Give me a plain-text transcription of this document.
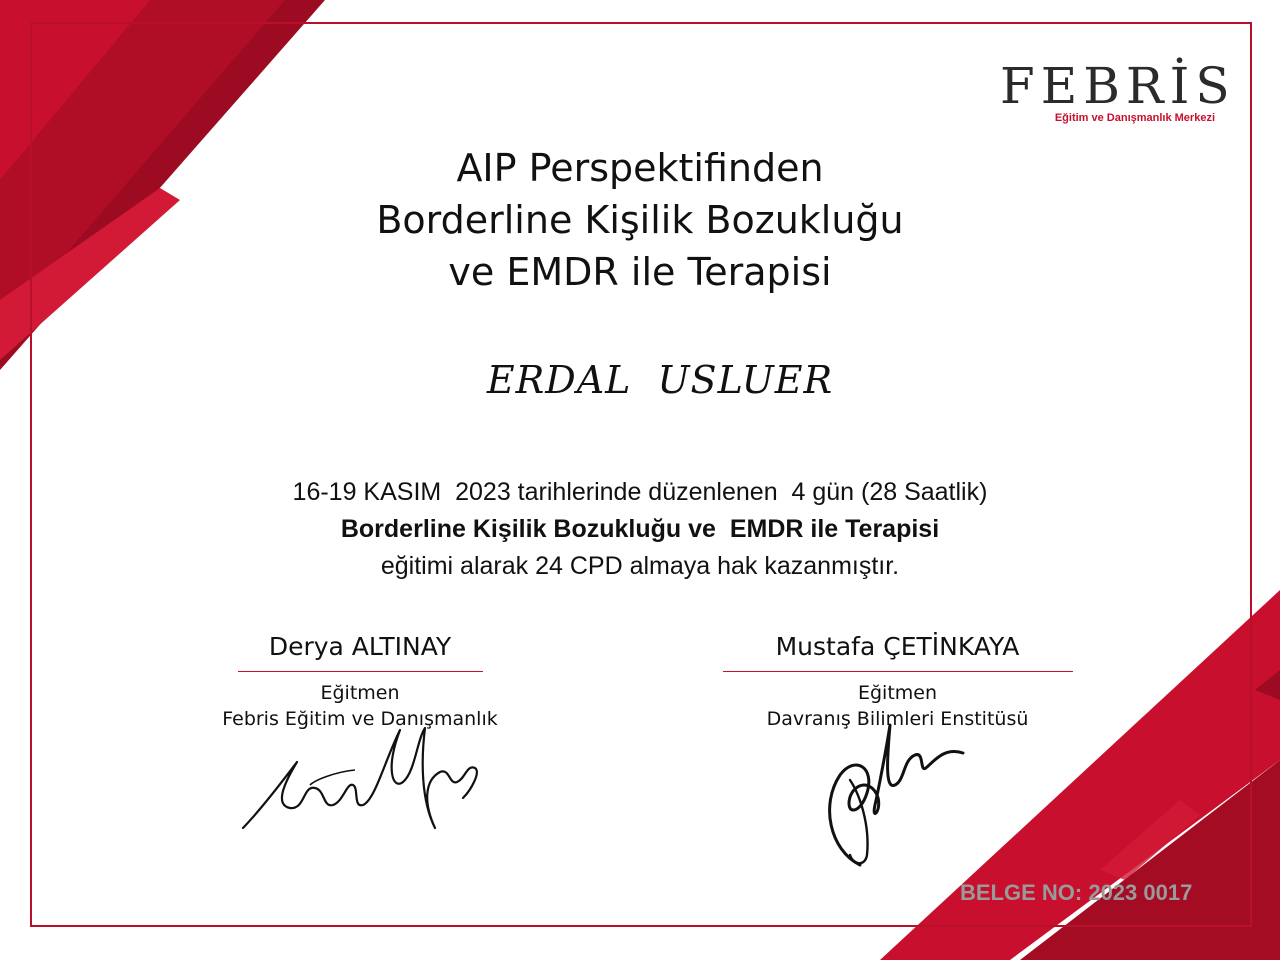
FEBRİS
Eğitim ve Danışmanlık Merkezi
AIP Perspektifinden
Borderline Kişilik Bozukluğu
ve EMDR ile Terapisi
ERDAL  USLUER
16-19 KASIM  2023 tarihlerinde düzenlenen  4 gün (28 Saatlik)
Borderline Kişilik Bozukluğu ve  EMDR ile Terapisi
eğitimi alarak 24 CPD almaya hak kazanmıştır.
Derya ALTINAY
Eğitmen
Febris Eğitim ve Danışmanlık
Mustafa ÇETİNKAYA
Eğitmen
Davranış Bilimleri Enstitüsü
BELGE NO: 2023 0017
